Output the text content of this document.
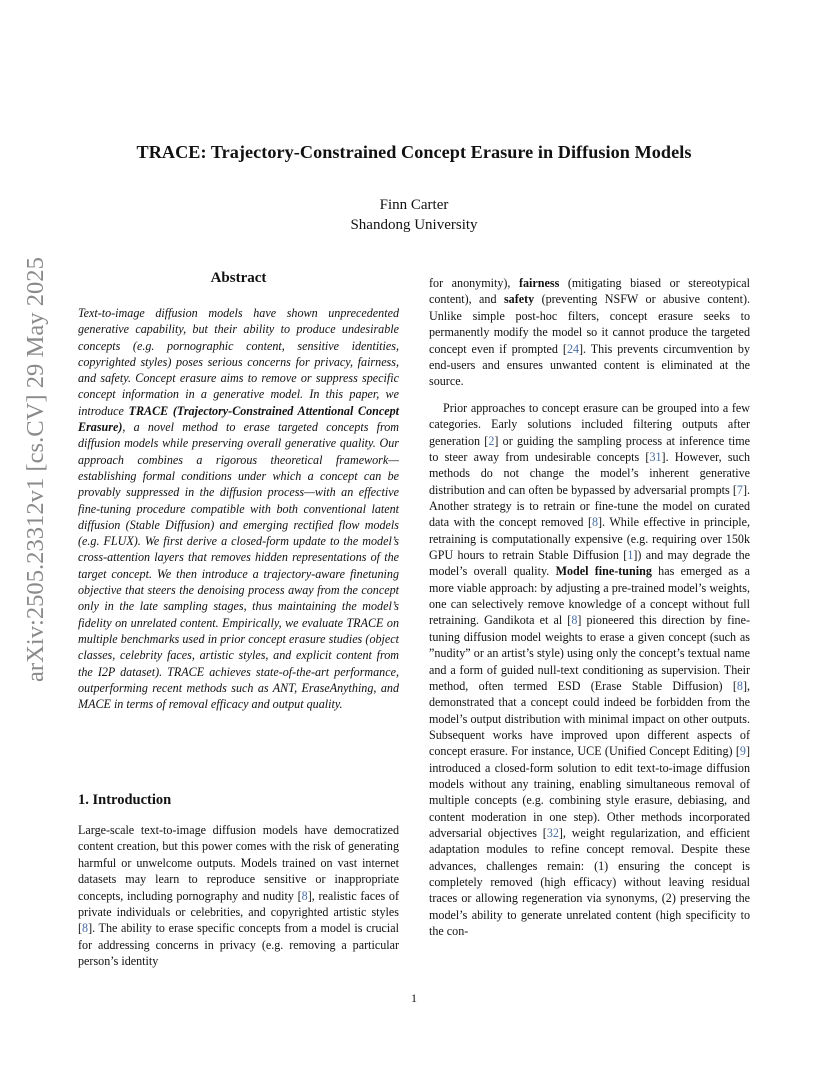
arXiv:2505.23312v1 [cs.CV] 29 May 2025
TRACE: Trajectory-Constrained Concept Erasure in Diffusion Models
Finn Carter
Shandong University
Abstract
Text-to-image diffusion models have shown unprecedented generative capability, but their ability to produce undesirable concepts (e.g. pornographic content, sensitive identities, copyrighted styles) poses serious concerns for privacy, fairness, and safety. Concept erasure aims to remove or suppress specific concept information in a generative model. In this paper, we introduce TRACE (Trajectory-Constrained Attentional Concept Erasure), a novel method to erase targeted concepts from diffusion models while preserving overall generative quality. Our approach combines a rigorous theoretical framework—establishing formal conditions under which a concept can be provably suppressed in the diffusion process—with an effective fine-tuning procedure compatible with both conventional latent diffusion (Stable Diffusion) and emerging rectified flow models (e.g. FLUX). We first derive a closed-form update to the model’s cross-attention layers that removes hidden representations of the target concept. We then introduce a trajectory-aware finetuning objective that steers the denoising process away from the concept only in the late sampling stages, thus maintaining the model’s fidelity on unrelated content. Empirically, we evaluate TRACE on multiple benchmarks used in prior concept erasure studies (object classes, celebrity faces, artistic styles, and explicit content from the I2P dataset). TRACE achieves state-of-the-art performance, outperforming recent methods such as ANT, EraseAnything, and MACE in terms of removal efficacy and output quality.
1. Introduction
Large-scale text-to-image diffusion models have democratized content creation, but this power comes with the risk of generating harmful or unwelcome outputs. Models trained on vast internet datasets may learn to reproduce sensitive or inappropriate concepts, including pornography and nudity [8], realistic faces of private individuals or celebrities, and copyrighted artistic styles [8]. The ability to erase specific concepts from a model is crucial for addressing concerns in privacy (e.g. removing a particular person’s identity
for anonymity), fairness (mitigating biased or stereotypical content), and safety (preventing NSFW or abusive content). Unlike simple post-hoc filters, concept erasure seeks to permanently modify the model so it cannot produce the targeted concept even if prompted [24]. This prevents circumvention by end-users and ensures unwanted content is eliminated at the source.
Prior approaches to concept erasure can be grouped into a few categories. Early solutions included filtering outputs after generation [2] or guiding the sampling process at inference time to steer away from undesirable concepts [31]. However, such methods do not change the model’s inherent generative distribution and can often be bypassed by adversarial prompts [7]. Another strategy is to retrain or fine-tune the model on curated data with the concept removed [8]. While effective in principle, retraining is computationally expensive (e.g. requiring over 150k GPU hours to retrain Stable Diffusion [1]) and may degrade the model’s overall quality. Model fine-tuning has emerged as a more viable approach: by adjusting a pre-trained model’s weights, one can selectively remove knowledge of a concept without full retraining. Gandikota et al [8] pioneered this direction by fine-tuning diffusion model weights to erase a given concept (such as ”nudity” or an artist’s style) using only the concept’s textual name and a form of guided null-text conditioning as supervision. Their method, often termed ESD (Erase Stable Diffusion) [8], demonstrated that a concept could indeed be forbidden from the model’s output distribution with minimal impact on other outputs. Subsequent works have improved upon different aspects of concept erasure. For instance, UCE (Unified Concept Editing) [9] introduced a closed-form solution to edit text-to-image diffusion models without any training, enabling simultaneous removal of multiple concepts (e.g. combining style erasure, debiasing, and content moderation in one step). Other methods incorporated adversarial objectives [32], weight regularization, and efficient adaptation modules to refine concept removal. Despite these advances, challenges remain: (1) ensuring the concept is completely removed (high efficacy) without leaving residual traces or allowing regeneration via synonyms, (2) preserving the model’s ability to generate unrelated content (high specificity to the con-
1
